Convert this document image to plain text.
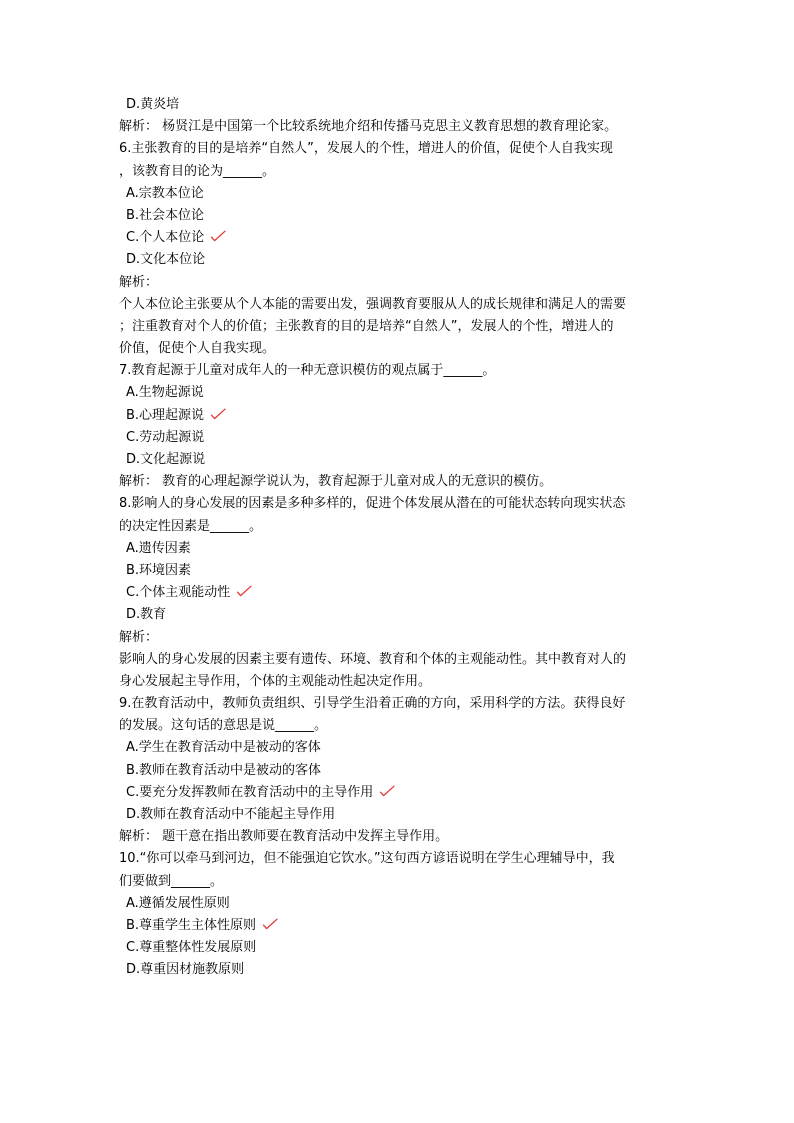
D.黄炎培
解析： 杨贤江是中国第一个比较系统地介绍和传播马克思主义教育思想的教育理论家。
6.主张教育的目的是培养“自然人”，发展人的个性，增进人的价值，促使个人自我实现
，该教育目的论为______。
A.宗教本位论
B.社会本位论
C.个人本位论
D.文化本位论
解析：
个人本位论主张要从个人本能的需要出发，强调教育要服从人的成长规律和满足人的需要
；注重教育对个人的价值；主张教育的目的是培养“自然人”，发展人的个性，增进人的
价值，促使个人自我实现。
7.教育起源于儿童对成年人的一种无意识模仿的观点属于______。
A.生物起源说
B.心理起源说
C.劳动起源说
D.文化起源说
解析： 教育的心理起源学说认为，教育起源于儿童对成人的无意识的模仿。
8.影响人的身心发展的因素是多种多样的，促进个体发展从潜在的可能状态转向现实状态
的决定性因素是______。
A.遗传因素
B.环境因素
C.个体主观能动性
D.教育
解析：
影响人的身心发展的因素主要有遗传、环境、教育和个体的主观能动性。其中教育对人的
身心发展起主导作用，个体的主观能动性起决定作用。
9.在教育活动中，教师负责组织、引导学生沿着正确的方向，采用科学的方法。获得良好
的发展。这句话的意思是说______。
A.学生在教育活动中是被动的客体
B.教师在教育活动中是被动的客体
C.要充分发挥教师在教育活动中的主导作用
D.教师在教育活动中不能起主导作用
解析： 题干意在指出教师要在教育活动中发挥主导作用。
10.“你可以牵马到河边，但不能强迫它饮水。”这句西方谚语说明在学生心理辅导中，我
们要做到______。
A.遵循发展性原则
B.尊重学生主体性原则
C.尊重整体性发展原则
D.尊重因材施教原则
